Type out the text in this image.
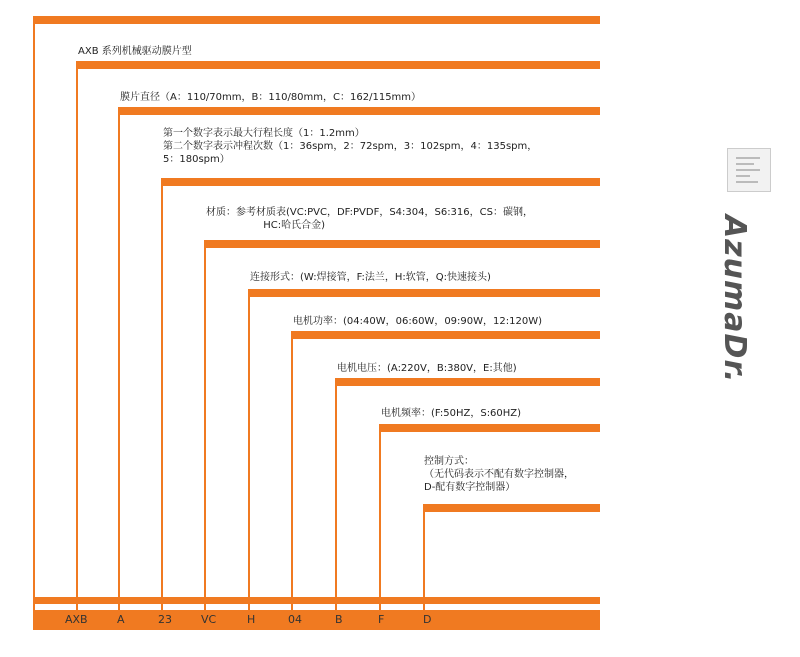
AXB 系列机械驱动膜片型
膜片直径（A：110/70mm，B：110/80mm，C：162/115mm）
第一个数字表示最大行程长度（1：1.2mm）
第二个数字表示冲程次数（1：36spm，2：72spm，3：102spm，4：135spm，
5：180spm）
材质：参考材质表(VC:PVC，DF:PVDF，S4:304，S6:316，CS：碳钢，
HC:哈氏合金)
连接形式：(W:焊接管，F:法兰，H:软管，Q:快速接头)
电机功率：(04:40W，06:60W，09:90W，12:120W)
电机电压：(A:220V，B:380V，E:其他)
电机频率：(F:50HZ，S:60HZ)
控制方式：
（无代码表示不配有数字控制器，
D-配有数字控制器）
AXB	A	23	VC	H	04	B	F	D
AzumaDr.
